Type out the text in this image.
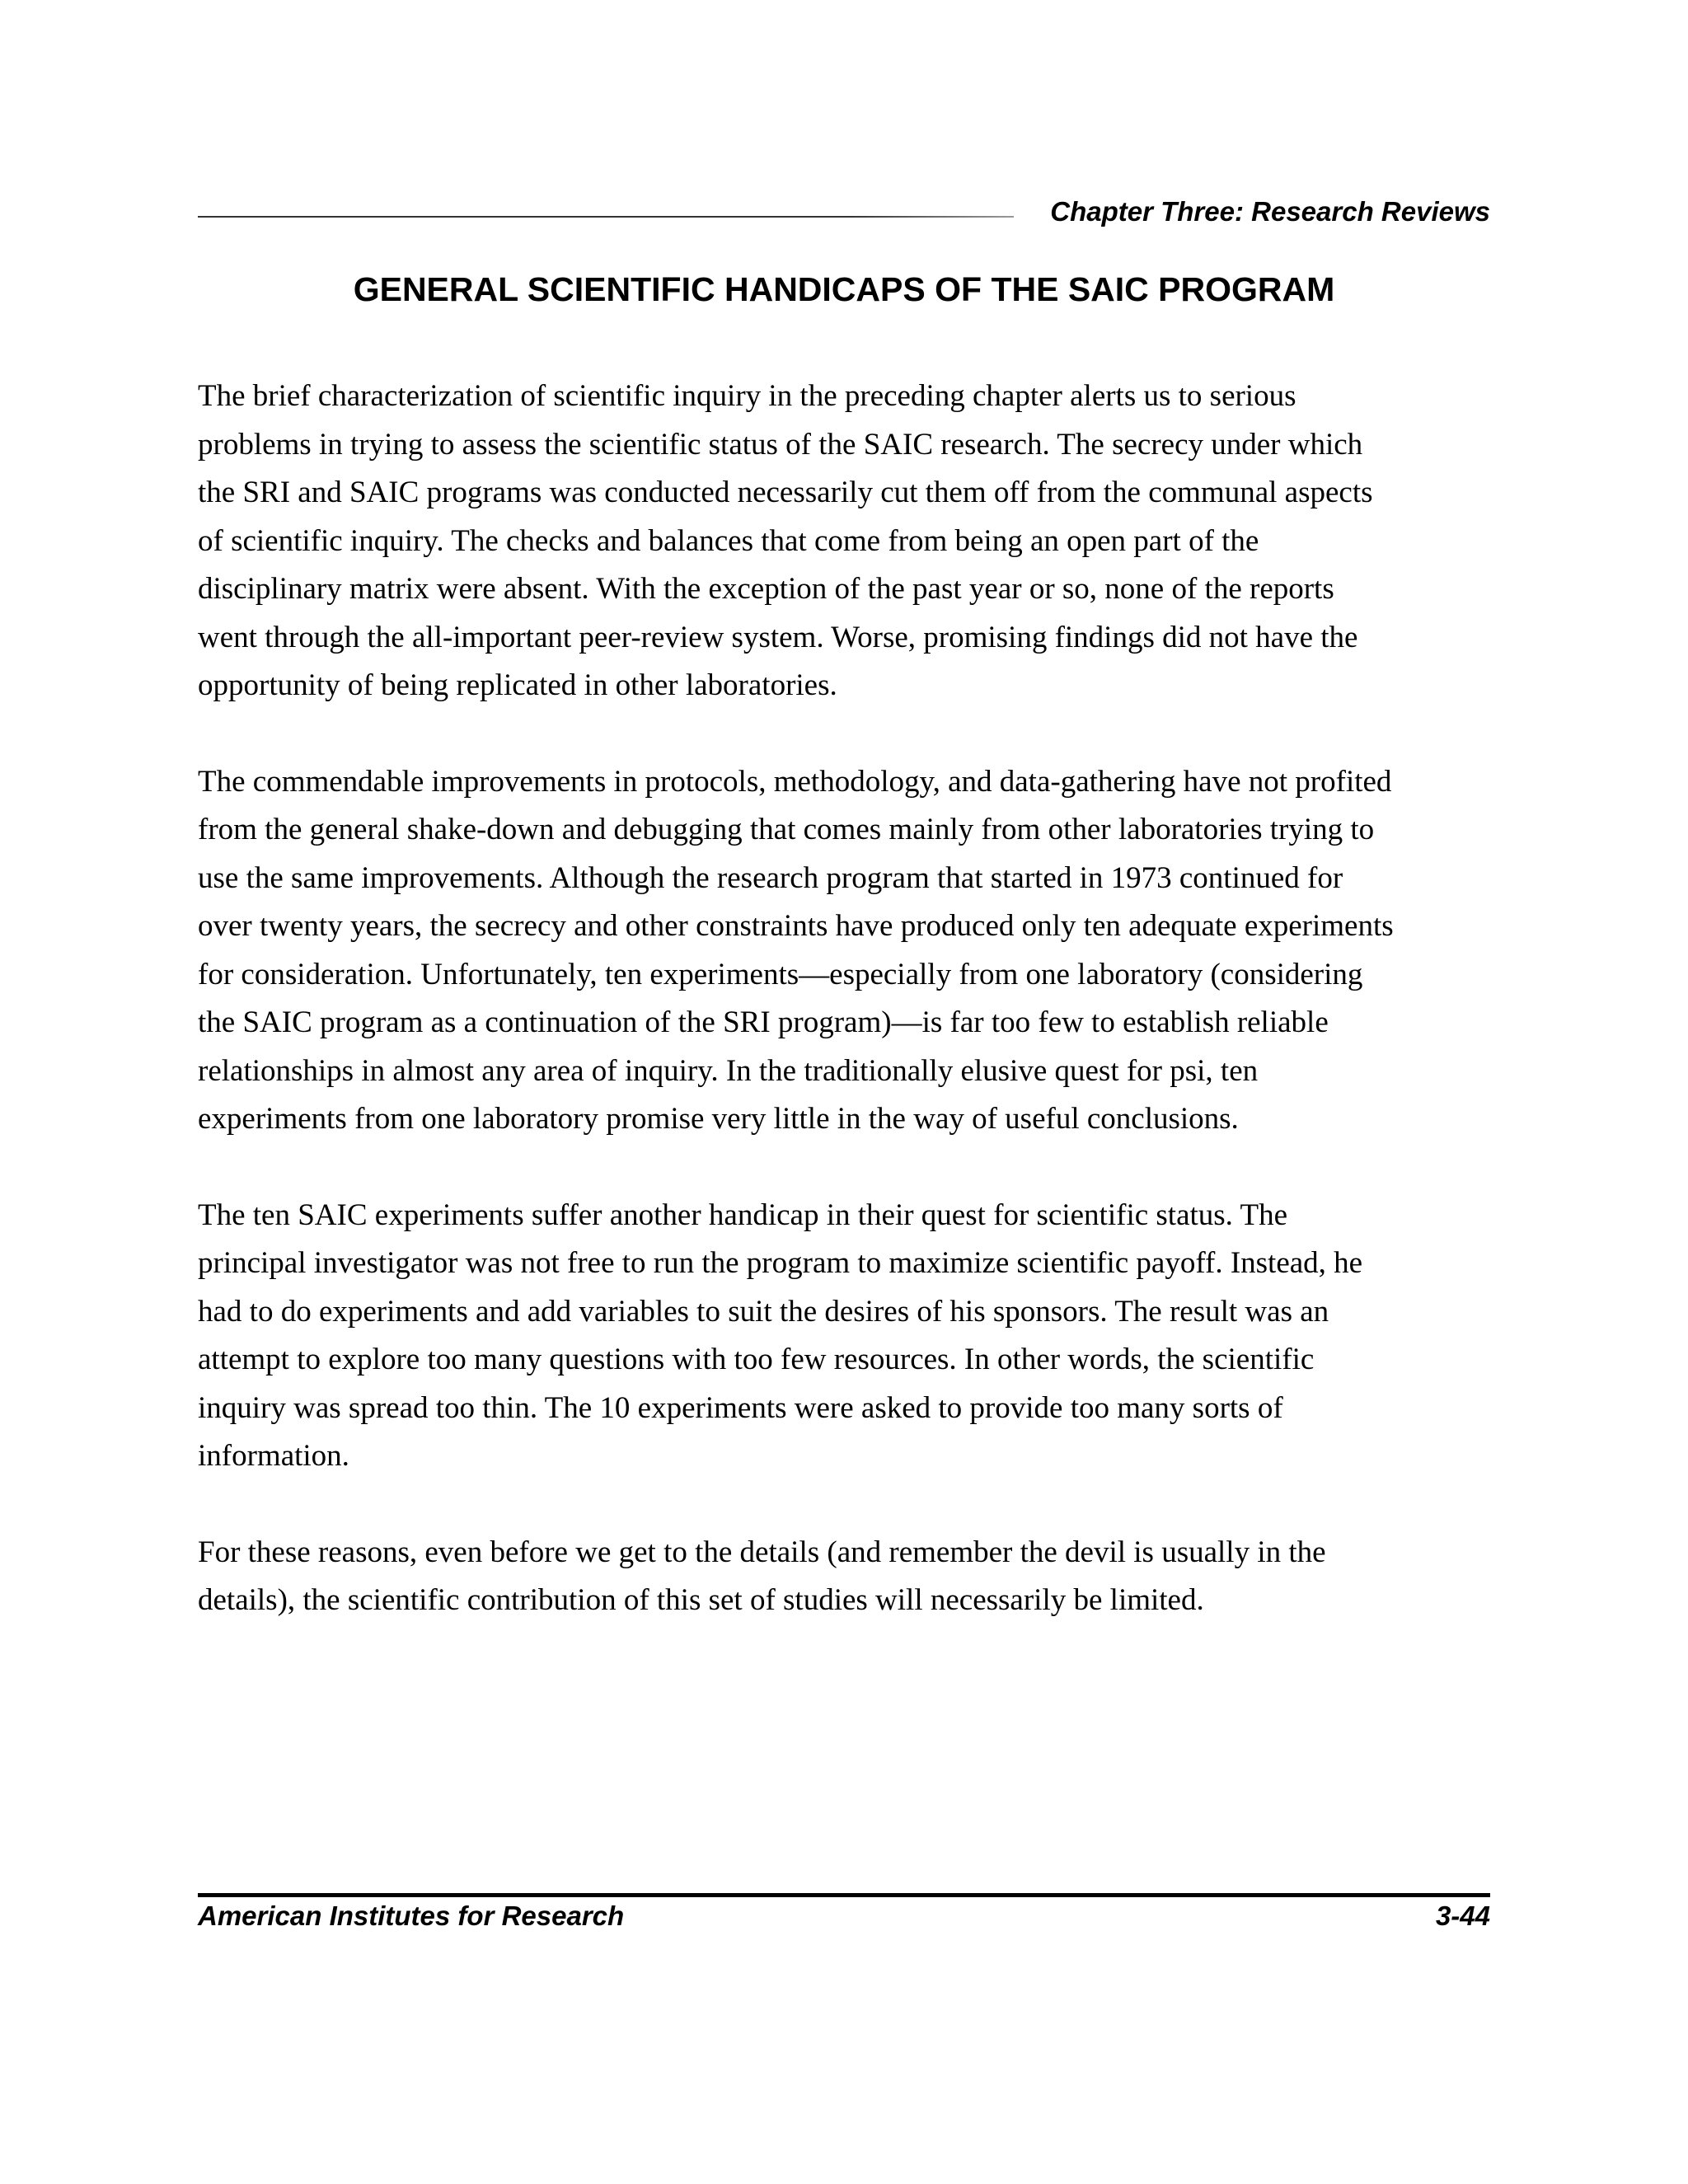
Chapter Three: Research Reviews
GENERAL SCIENTIFIC HANDICAPS OF THE SAIC PROGRAM

The brief characterization of scientific inquiry in the preceding chapter alerts us to serious
problems in trying to assess the scientific status of the SAIC research. The secrecy under which
the SRI and SAIC programs was conducted necessarily cut them off from the communal aspects
of scientific inquiry. The checks and balances that come from being an open part of the
disciplinary matrix were absent. With the exception of the past year or so, none of the reports
went through the all-important peer-review system. Worse, promising findings did not have the
opportunity of being replicated in other laboratories.

The commendable improvements in protocols, methodology, and data-gathering have not profited
from the general shake-down and debugging that comes mainly from other laboratories trying to
use the same improvements. Although the research program that started in 1973 continued for
over twenty years, the secrecy and other constraints have produced only ten adequate experiments
for consideration. Unfortunately, ten experiments—especially from one laboratory (considering
the SAIC program as a continuation of the SRI program)—is far too few to establish reliable
relationships in almost any area of inquiry. In the traditionally elusive quest for psi, ten
experiments from one laboratory promise very little in the way of useful conclusions.

The ten SAIC experiments suffer another handicap in their quest for scientific status. The
principal investigator was not free to run the program to maximize scientific payoff. Instead, he
had to do experiments and add variables to suit the desires of his sponsors. The result was an
attempt to explore too many questions with too few resources. In other words, the scientific
inquiry was spread too thin. The 10 experiments were asked to provide too many sorts of
information.

For these reasons, even before we get to the details (and remember the devil is usually in the
details), the scientific contribution of this set of studies will necessarily be limited.

American Institutes for Research	3-44
